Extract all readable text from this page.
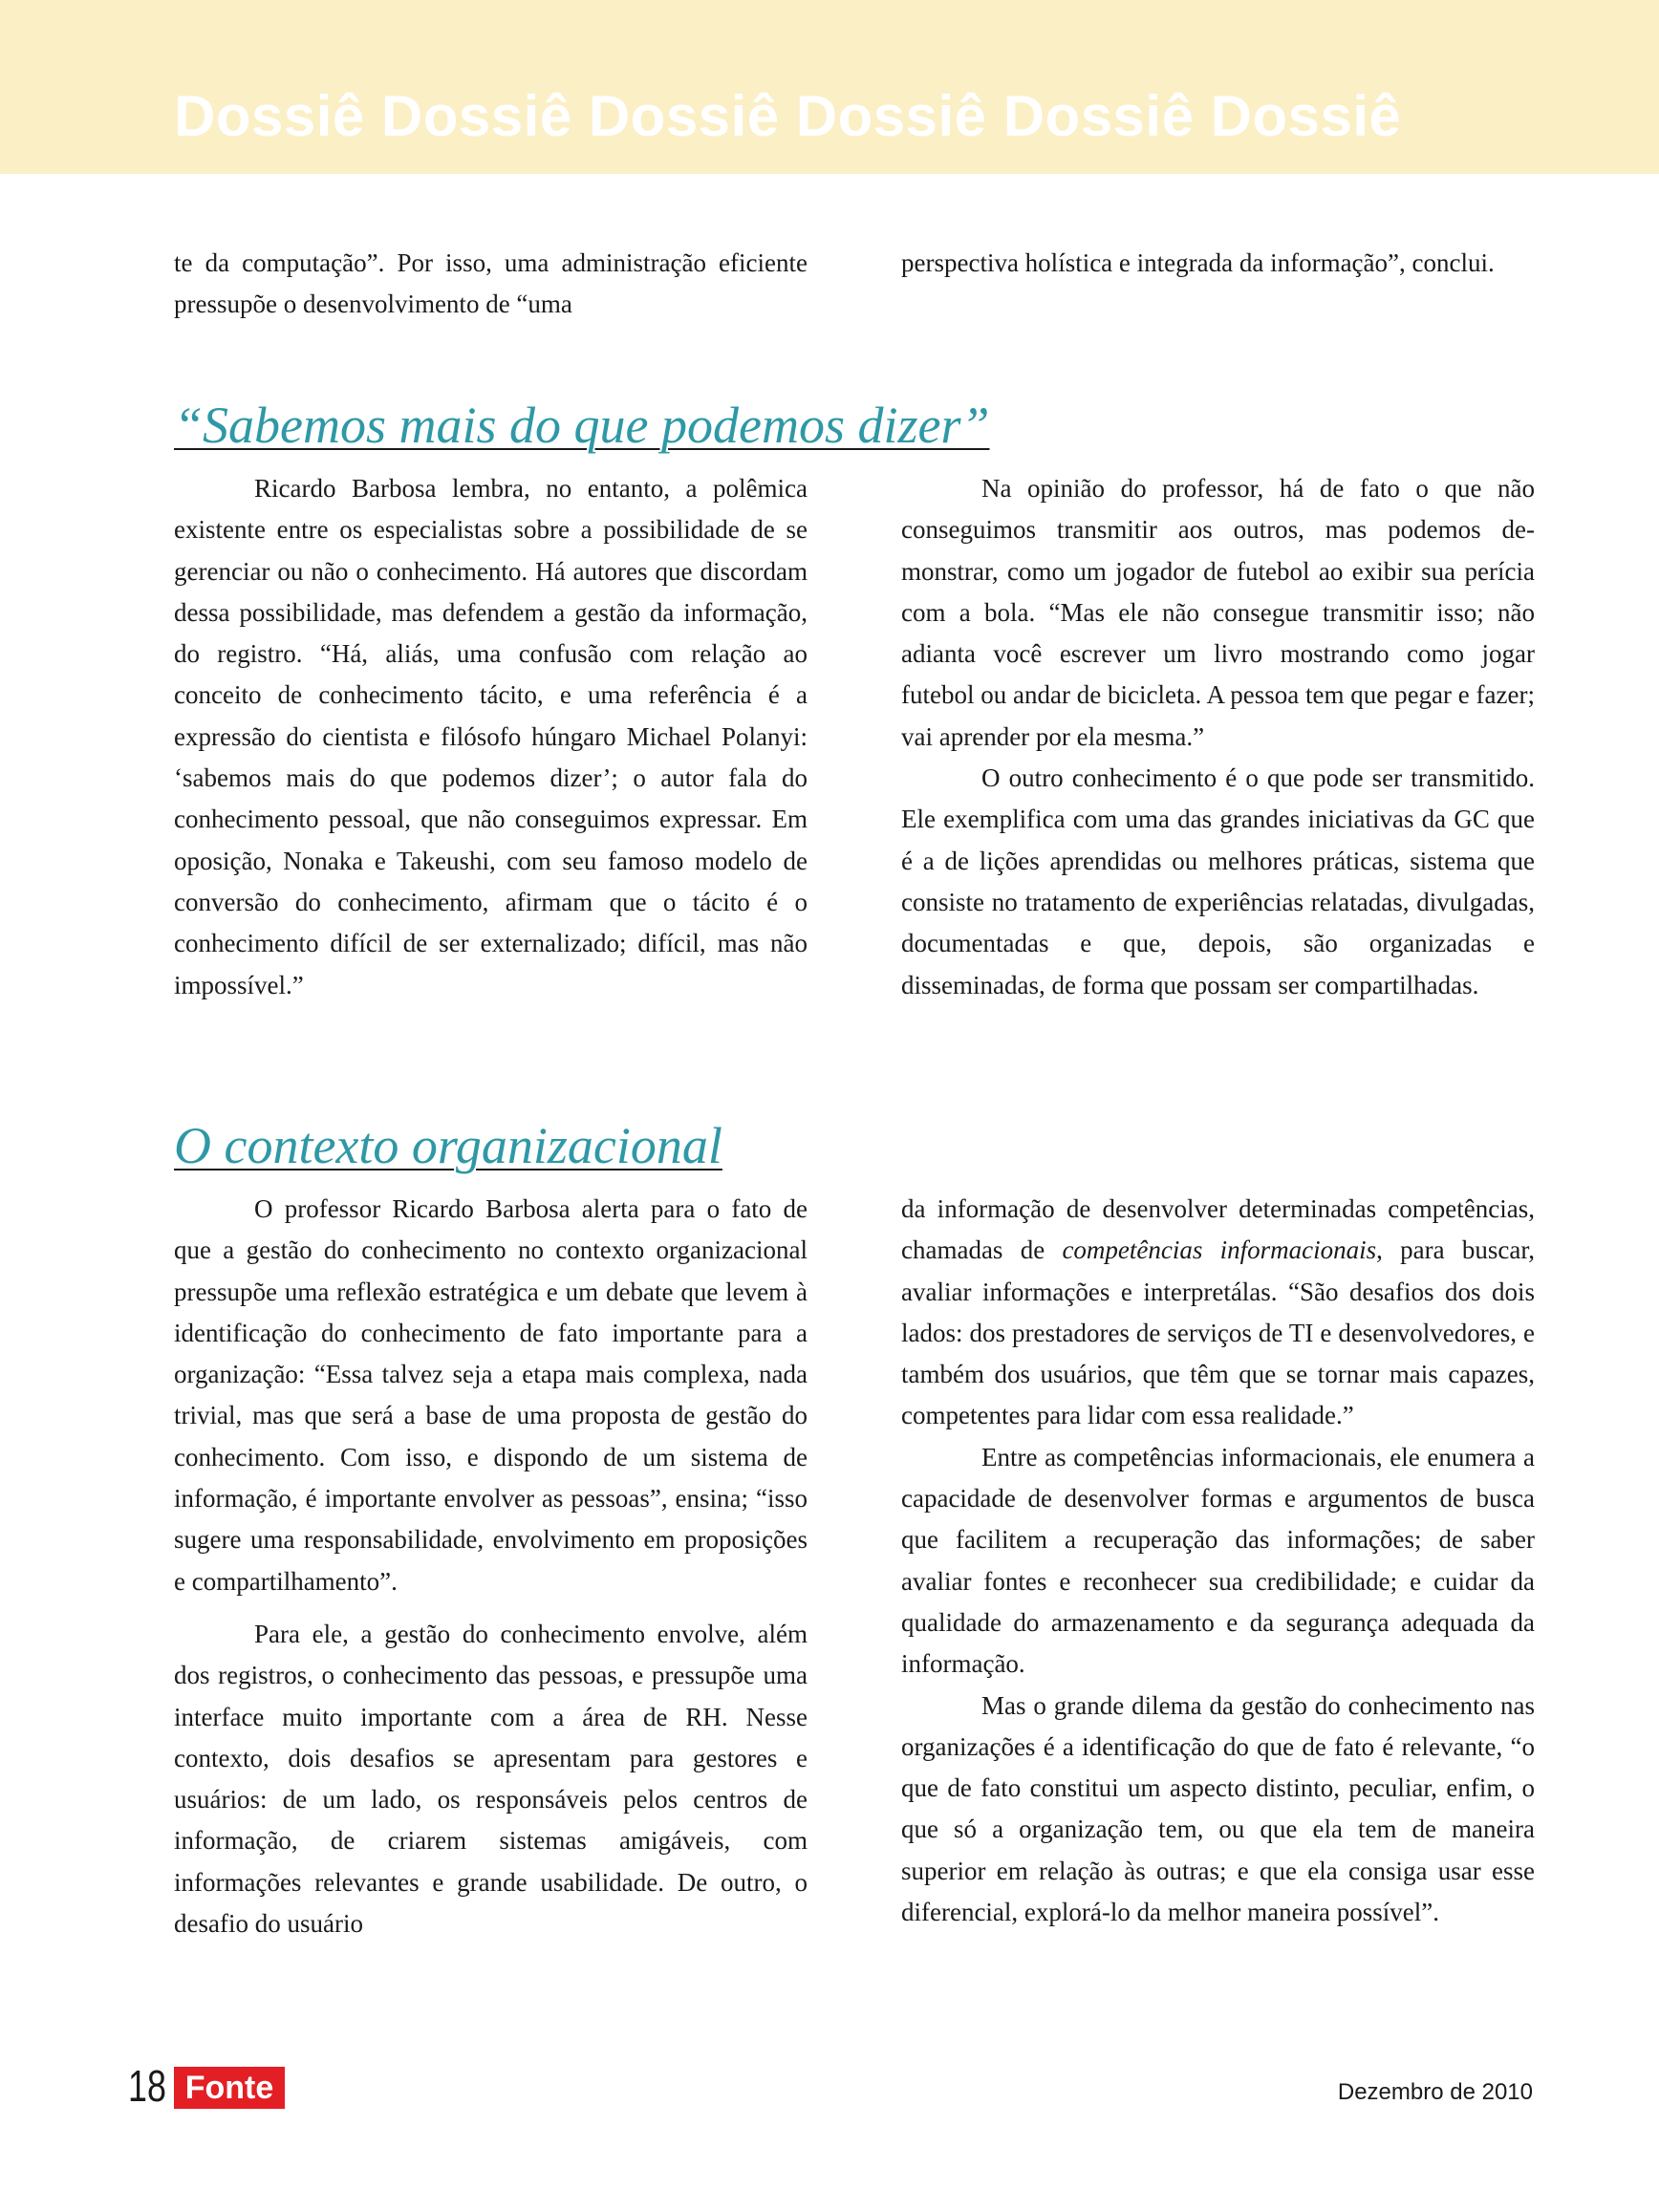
Dossiê Dossiê Dossiê Dossiê Dossiê Dossiê

te da computação”. Por isso, uma administração eficiente pressupõe o desenvolvimento de “uma

perspectiva holística e integrada da informação”, conclui.

“Sabemos mais do que podemos dizer”

Ricardo Barbosa lembra, no entanto, a polêmica existente entre os especialistas sobre a possibilidade de se gerenciar ou não o conhecimento. Há autores que discordam dessa possibilidade, mas defendem a gestão da informação, do registro. “Há, aliás, uma confusão com relação ao conceito de conhecimento tácito, e uma referência é a expressão do cientista e filósofo húngaro Michael Polanyi: ‘sabemos mais do que podemos dizer’; o autor fala do conhecimento pessoal, que não conseguimos expressar. Em oposição, Nonaka e Takeushi, com seu famoso modelo de conversão do conhecimento, afirmam que o tácito é o conhecimento difícil de ser externalizado; difícil, mas não impossível.”

Na opinião do professor, há de fato o que não conseguimos transmitir aos outros, mas podemos demonstrar, como um jogador de futebol ao exibir sua perícia com a bola. “Mas ele não consegue transmitir isso; não adianta você escrever um livro mostrando como jogar futebol ou andar de bicicleta. A pessoa tem que pegar e fazer; vai aprender por ela mesma.”

O outro conhecimento é o que pode ser transmitido. Ele exemplifica com uma das grandes iniciativas da GC que é a de lições aprendidas ou melhores práticas, sistema que consiste no tratamento de experiências relatadas, divulgadas, documentadas e que, depois, são organizadas e disseminadas, de forma que possam ser compartilhadas.

O contexto organizacional

O professor Ricardo Barbosa alerta para o fato de que a gestão do conhecimento no contexto organizacional pressupõe uma reflexão estratégica e um debate que levem à identificação do conhecimento de fato importante para a organização: “Essa talvez seja a etapa mais complexa, nada trivial, mas que será a base de uma proposta de gestão do conhecimento. Com isso, e dispondo de um sistema de informação, é importante envolver as pessoas”, ensina; “isso sugere uma responsabilidade, envolvimento em proposições e compartilhamento”.

Para ele, a gestão do conhecimento envolve, além dos registros, o conhecimento das pessoas, e pressupõe uma interface muito importante com a área de RH. Nesse contexto, dois desafios se apresentam para gestores e usuários: de um lado, os responsáveis pelos centros de informação, de criarem sistemas amigáveis, com informações relevantes e grande usabilidade. De outro, o desafio do usuário

da informação de desenvolver determinadas competências, chamadas de competências informacionais, para buscar, avaliar informações e interpretálas. “São desafios dos dois lados: dos prestadores de serviços de TI e desenvolvedores, e também dos usuários, que têm que se tornar mais capazes, competentes para lidar com essa realidade.”

Entre as competências informacionais, ele enumera a capacidade de desenvolver formas e argumentos de busca que facilitem a recuperação das informações; de saber avaliar fontes e reconhecer sua credibilidade; e cuidar da qualidade do armazenamento e da segurança adequada da informação.

Mas o grande dilema da gestão do conhecimento nas organizações é a identificação do que de fato é relevante, “o que de fato constitui um aspecto distinto, peculiar, enfim, o que só a organização tem, ou que ela tem de maneira superior em relação às outras; e que ela consiga usar esse diferencial, explorá-lo da melhor maneira possível”.

18 Fonte	Dezembro de 2010
